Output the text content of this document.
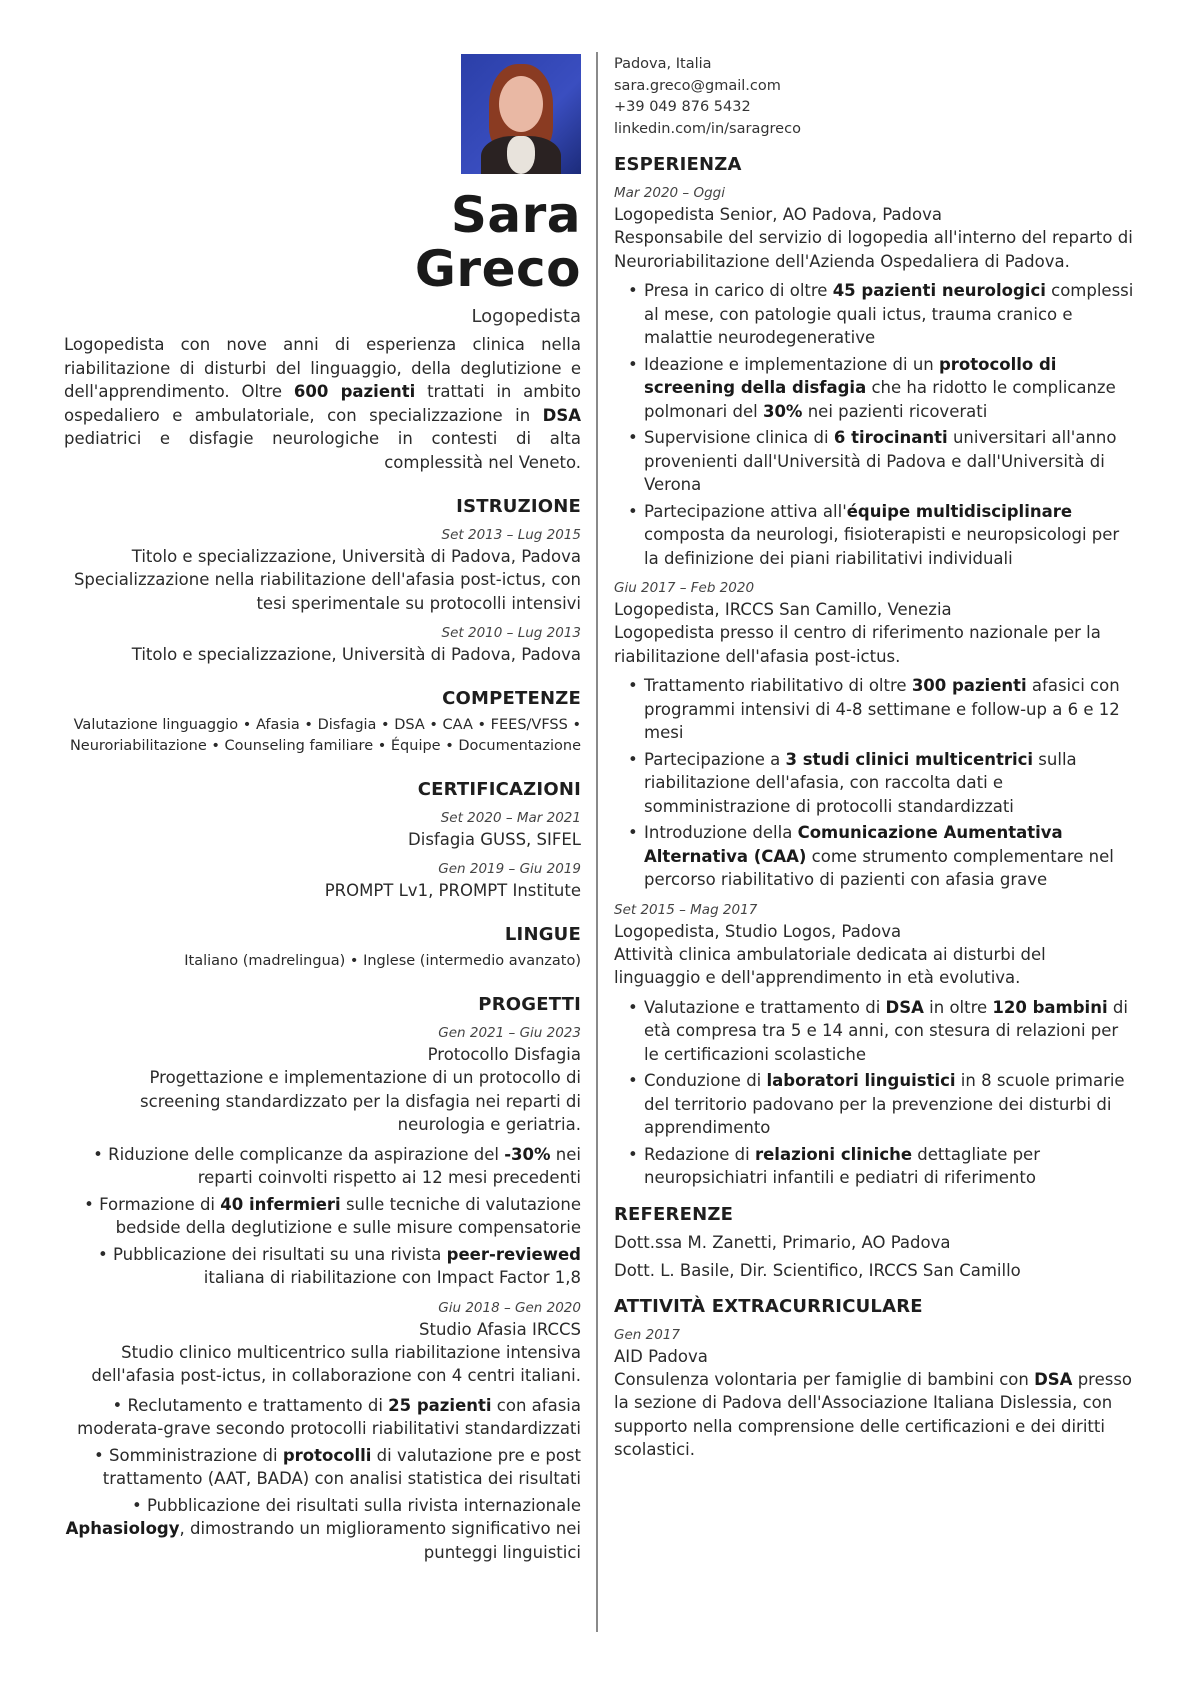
Sara
Greco
Logopedista
Logopedista con nove anni di esperienza clinica nella riabilitazione di disturbi del linguaggio, della deglutizione e dell'apprendimento. Oltre 600 pazienti trattati in ambito ospedaliero e ambulatoriale, con specializzazione in DSA pediatrici e disfagie neurologiche in contesti di alta complessità nel Veneto.
ISTRUZIONE
Set 2013 – Lug 2015
Titolo e specializzazione, Università di Padova, Padova
Specializzazione nella riabilitazione dell'afasia post-ictus, con tesi sperimentale su protocolli intensivi
Set 2010 – Lug 2013
Titolo e specializzazione, Università di Padova, Padova
COMPETENZE
Valutazione linguaggio • Afasia • Disfagia • DSA • CAA • FEES/VFSS • Neuroriabilitazione • Counseling familiare • Équipe • Documentazione
CERTIFICAZIONI
Set 2020 – Mar 2021
Disfagia GUSS, SIFEL
Gen 2019 – Giu 2019
PROMPT Lv1, PROMPT Institute
LINGUE
Italiano (madrelingua) • Inglese (intermedio avanzato)
PROGETTI
Gen 2021 – Giu 2023
Protocollo Disfagia
Progettazione e implementazione di un protocollo di screening standardizzato per la disfagia nei reparti di neurologia e geriatria.
• Riduzione delle complicanze da aspirazione del -30% nei reparti coinvolti rispetto ai 12 mesi precedenti
• Formazione di 40 infermieri sulle tecniche di valutazione bedside della deglutizione e sulle misure compensatorie
• Pubblicazione dei risultati su una rivista peer-reviewed italiana di riabilitazione con Impact Factor 1,8
Giu 2018 – Gen 2020
Studio Afasia IRCCS
Studio clinico multicentrico sulla riabilitazione intensiva dell'afasia post-ictus, in collaborazione con 4 centri italiani.
• Reclutamento e trattamento di 25 pazienti con afasia moderata-grave secondo protocolli riabilitativi standardizzati
• Somministrazione di protocolli di valutazione pre e post trattamento (AAT, BADA) con analisi statistica dei risultati
• Pubblicazione dei risultati sulla rivista internazionale Aphasiology, dimostrando un miglioramento significativo nei punteggi linguistici
Padova, Italia
sara.greco@gmail.com
+39 049 876 5432
linkedin.com/in/saragreco
ESPERIENZA
Mar 2020 – Oggi
Logopedista Senior, AO Padova, Padova
Responsabile del servizio di logopedia all'interno del reparto di Neuroriabilitazione dell'Azienda Ospedaliera di Padova.
• Presa in carico di oltre 45 pazienti neurologici complessi al mese, con patologie quali ictus, trauma cranico e malattie neurodegenerative
• Ideazione e implementazione di un protocollo di screening della disfagia che ha ridotto le complicanze polmonari del 30% nei pazienti ricoverati
• Supervisione clinica di 6 tirocinanti universitari all'anno provenienti dall'Università di Padova e dall'Università di Verona
• Partecipazione attiva all'équipe multidisciplinare composta da neurologi, fisioterapisti e neuropsicologi per la definizione dei piani riabilitativi individuali
Giu 2017 – Feb 2020
Logopedista, IRCCS San Camillo, Venezia
Logopedista presso il centro di riferimento nazionale per la riabilitazione dell'afasia post-ictus.
• Trattamento riabilitativo di oltre 300 pazienti afasici con programmi intensivi di 4-8 settimane e follow-up a 6 e 12 mesi
• Partecipazione a 3 studi clinici multicentrici sulla riabilitazione dell'afasia, con raccolta dati e somministrazione di protocolli standardizzati
• Introduzione della Comunicazione Aumentativa Alternativa (CAA) come strumento complementare nel percorso riabilitativo di pazienti con afasia grave
Set 2015 – Mag 2017
Logopedista, Studio Logos, Padova
Attività clinica ambulatoriale dedicata ai disturbi del linguaggio e dell'apprendimento in età evolutiva.
• Valutazione e trattamento di DSA in oltre 120 bambini di età compresa tra 5 e 14 anni, con stesura di relazioni per le certificazioni scolastiche
• Conduzione di laboratori linguistici in 8 scuole primarie del territorio padovano per la prevenzione dei disturbi di apprendimento
• Redazione di relazioni cliniche dettagliate per neuropsichiatri infantili e pediatri di riferimento
REFERENZE
Dott.ssa M. Zanetti, Primario, AO Padova
Dott. L. Basile, Dir. Scientifico, IRCCS San Camillo
ATTIVITÀ EXTRACURRICULARE
Gen 2017
AID Padova
Consulenza volontaria per famiglie di bambini con DSA presso la sezione di Padova dell'Associazione Italiana Dislessia, con supporto nella comprensione delle certificazioni e dei diritti scolastici.
